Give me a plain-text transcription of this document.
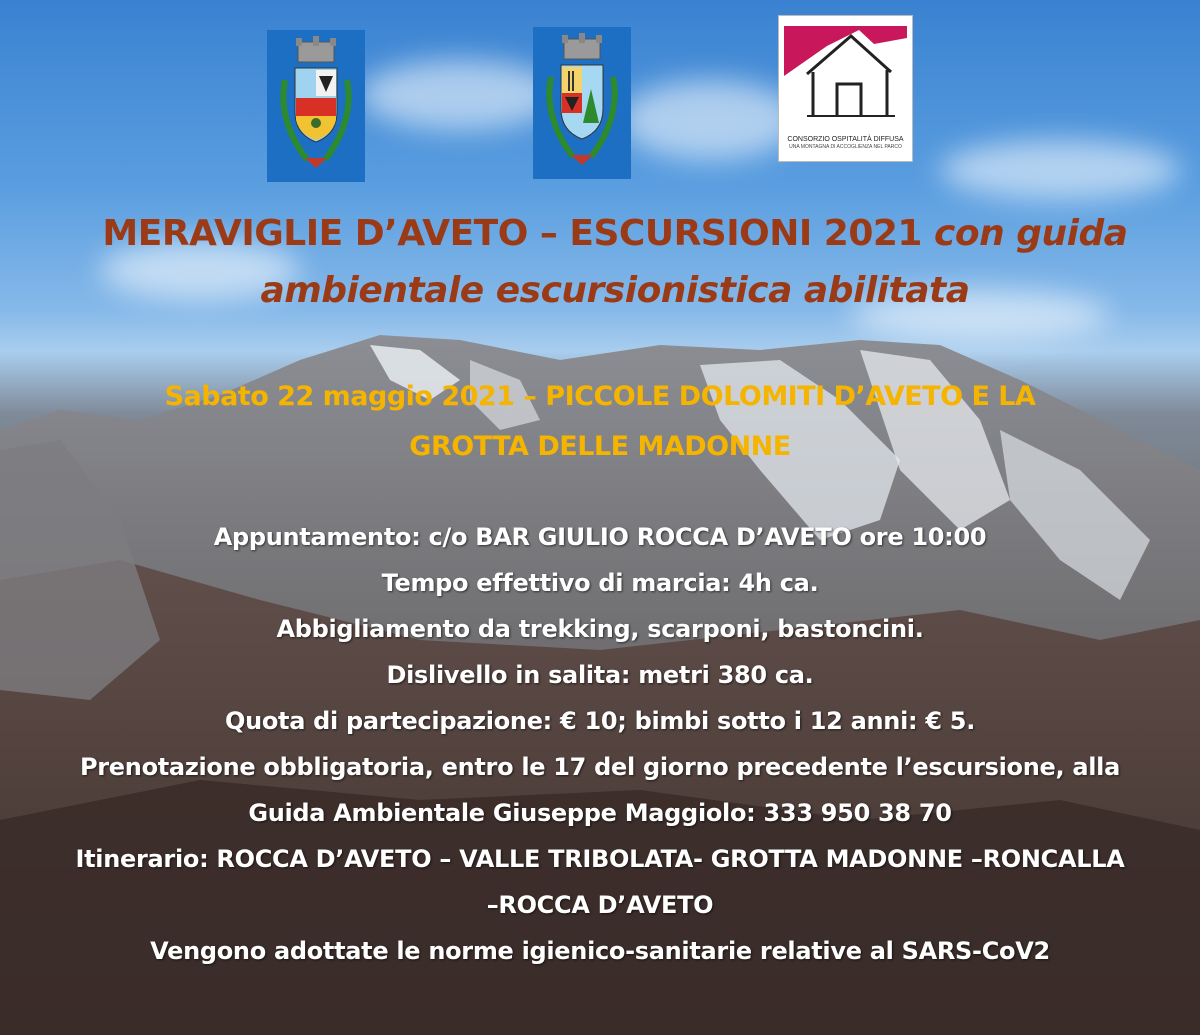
CONSORZIO OSPITALITÀ DIFFUSA
UNA MONTAGNA DI ACCOGLIENZA NEL PARCO
MERAVIGLIE D’AVETO – ESCURSIONI 2021 con guida
ambientale escursionistica abilitata
Sabato 22 maggio 2021 – PICCOLE DOLOMITI D’AVETO E LA
GROTTA DELLE MADONNE
Appuntamento: c/o BAR GIULIO ROCCA D’AVETO ore 10:00
Tempo effettivo di marcia: 4h ca.
Abbigliamento da trekking, scarponi, bastoncini.
Dislivello in salita: metri 380 ca.
Quota di partecipazione: € 10; bimbi sotto i 12 anni: € 5.
Prenotazione obbligatoria, entro le 17 del giorno precedente l’escursione, alla
Guida Ambientale Giuseppe Maggiolo: 333 950 38 70
Itinerario: ROCCA D’AVETO – VALLE TRIBOLATA- GROTTA MADONNE –RONCALLA
–ROCCA D’AVETO
Vengono adottate le norme igienico-sanitarie relative al SARS-CoV2
